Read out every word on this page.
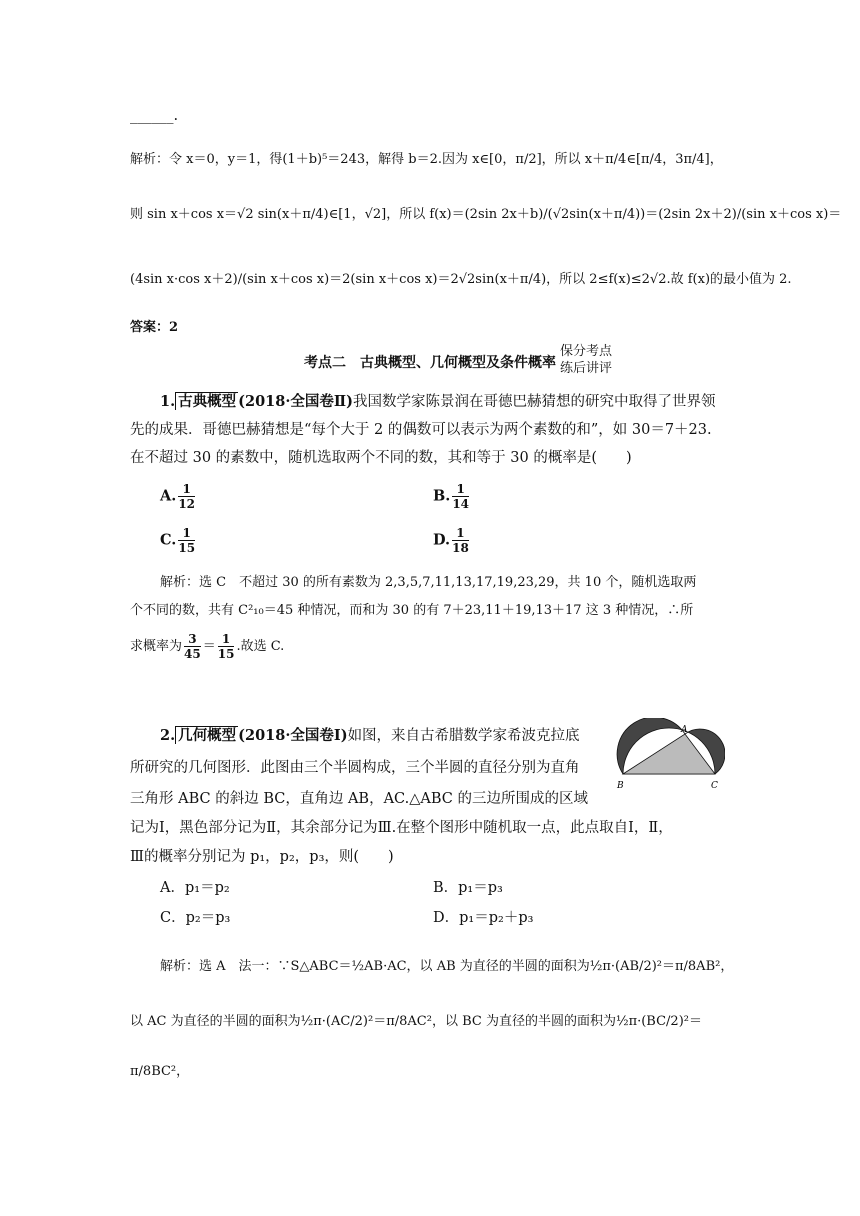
______.
解析：令 x＝0，y＝1，得(1＋b)⁵＝243，解得 b＝2.因为 x∈[0，π/2]，所以 x＋π/4∈[π/4，3π/4]，
则 sin x＋cos x＝√2 sin(x＋π/4)∈[1，√2]，所以 f(x)＝(2sin 2x＋b)/(√2sin(x＋π/4))＝(2sin 2x＋2)/(sin x＋cos x)＝
(4sin x·cos x＋2)/(sin x＋cos x)＝2(sin x＋cos x)＝2√2sin(x＋π/4)，所以 2≤f(x)≤2√2.故 f(x)的最小值为 2.
答案：2
考点二　古典概型、几何概型及条件概率
保分考点
练后讲评
1. 古典概型 (2018·全国卷Ⅱ)我国数学家陈景润在哥德巴赫猜想的研究中取得了世界领
先的成果．哥德巴赫猜想是“每个大于 2 的偶数可以表示为两个素数的和”，如 30＝7＋23.
在不超过 30 的素数中，随机选取两个不同的数，其和等于 30 的概率是(　　)
A. $\frac{1}{12}$	B. $\frac{1}{14}$
C. $\frac{1}{15}$	D. $\frac{1}{18}$
解析：选 C　不超过 30 的所有素数为 2,3,5,7,11,13,17,19,23,29，共 10 个，随机选取两
个不同的数，共有 C²₁₀＝45 种情况，而和为 30 的有 7＋23,11＋19,13＋17 这 3 种情况，∴所
求概率为 $\frac{3}{45} = \frac{1}{15}$ .故选 C.
2. 几何概型 (2018·全国卷Ⅰ)如图，来自古希腊数学家希波克拉底
所研究的几何图形．此图由三个半圆构成，三个半圆的直径分别为直角
三角形 ABC 的斜边 BC，直角边 AB，AC.△ABC 的三边所围成的区域
记为Ⅰ，黑色部分记为Ⅱ，其余部分记为Ⅲ.在整个图形中随机取一点，此点取自Ⅰ，Ⅱ，
Ⅲ的概率分别记为 p₁，p₂，p₃，则(　　)
A
B	C
A．p₁＝p₂	B．p₁＝p₃
C．p₂＝p₃	D．p₁＝p₂＋p₃
解析：选 A　法一：∵S△ABC＝½AB·AC，以 AB 为直径的半圆的面积为½π·(AB/2)²＝π/8AB²，
以 AC 为直径的半圆的面积为½π·(AC/2)²＝π/8AC²，以 BC 为直径的半圆的面积为½π·(BC/2)²＝
π/8BC²，
